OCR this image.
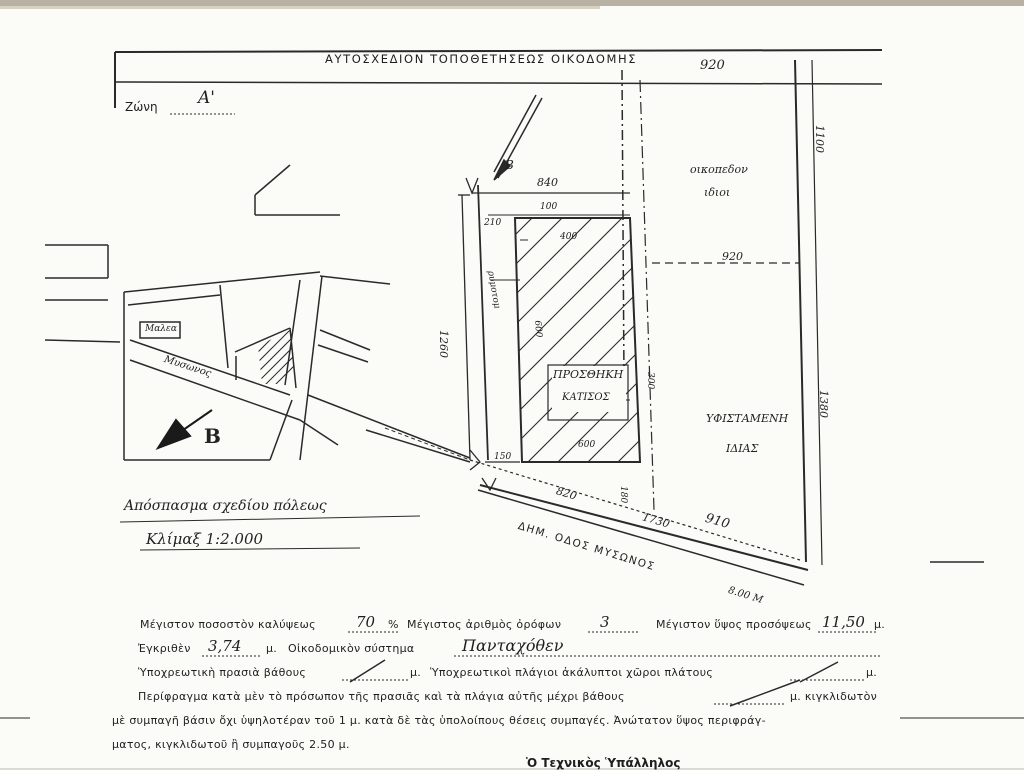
ΑΥΤΟΣΧΕΔΙΟΝ ΤΟΠΟΘΕΤΗΣΕΩΣ ΟΙΚΟΔΟΜΗΣ	920
Ζώνη Α'
Β
840
100
210
400
1260
ρυμοτομ
600
οικοπεδον
ιδιοι
920
1100
1380
ΠΡΟΣΘΗΚΗ
ΚΑΤΙΣΟΣ
300
600
ΥΦΙΣΤΑΜΕΝΗ
ΙΔΙΑΣ
150
820	180
1730 910
ΔΗΜ. ΟΔΟΣ ΜΥΣΩΝΟΣ
8.00 Μ
Μυσωνος
Μαλεα
Β
Απόσπασμα σχεδίου πόλεως
Κλίμαξ 1:2.000
Μέγιστον ποσοστὸν καλύψεως	70 % Μέγιστος ἀριθμὸς ὀρόφων	3	Μέγιστον ὕψος προσόψεως 11,50 μ.
Ἐγκριθὲν 3,74 μ. Οἰκοδομικὸν σύστημα	Πανταχόθεν
Ὑποχρεωτικὴ πρασιὰ βάθους	μ. Ὑποχρεωτικοὶ πλάγιοι ἀκάλυπτοι χῶροι πλάτους	μ.
Περίφραγμα κατὰ μὲν τὸ πρόσωπον τῆς πρασιᾶς καὶ τὰ πλάγια αὐτῆς μέχρι βάθους	μ. κιγκλιδωτὸν
μὲ συμπαγῆ βάσιν ὄχι ὑψηλοτέραν τοῦ 1 μ. κατὰ δὲ τὰς ὑπολοίπους θέσεις συμπαγές. Ἀνώτατον ὕψος περιφράγ-
ματος, κιγκλιδωτοῦ ἢ συμπαγοῦς 2.50 μ.
Ὁ Τεχνικὸς Ὑπάλληλος
